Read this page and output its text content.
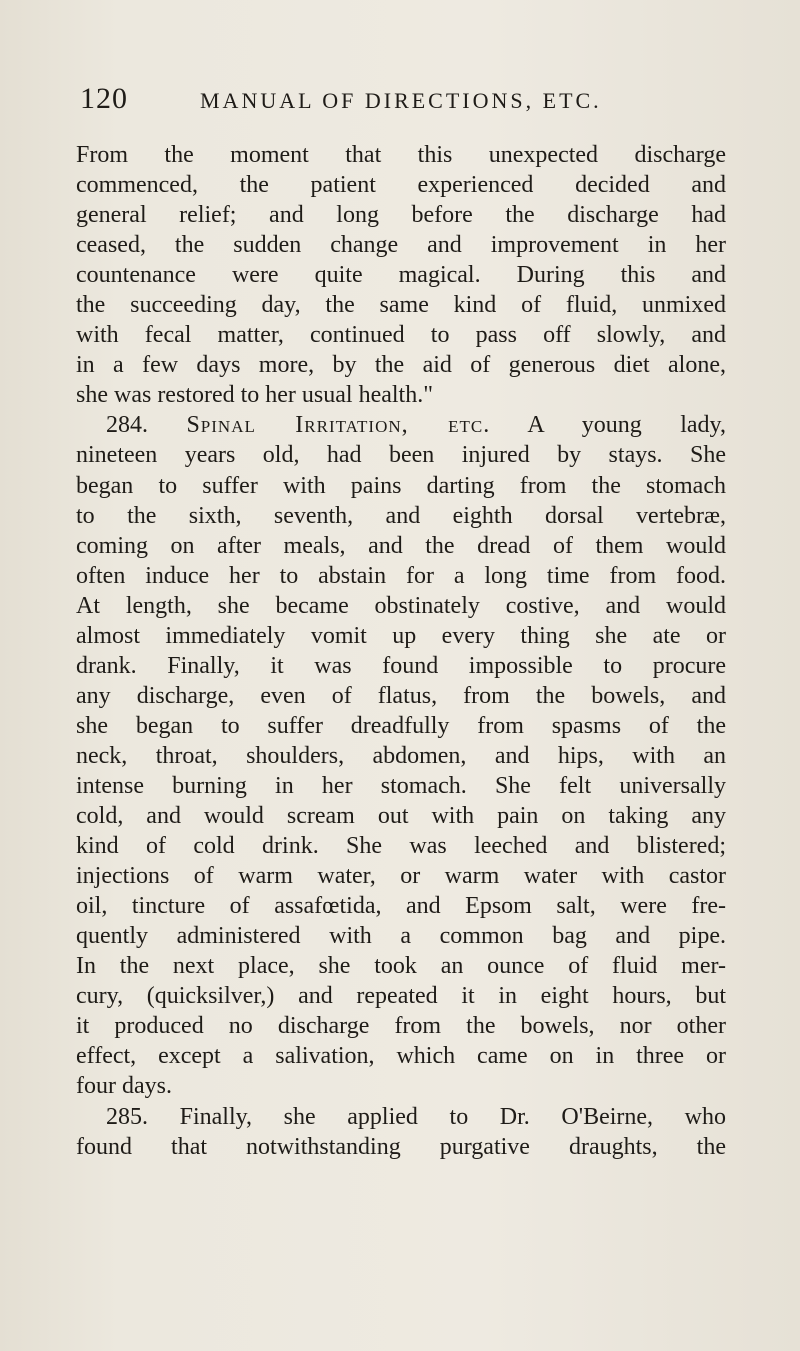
120	MANUAL OF DIRECTIONS, ETC.
From the moment that this unexpected discharge
commenced, the patient experienced decided and
general relief; and long before the discharge had
ceased, the sudden change and improvement in her
countenance were quite magical. During this and
the succeeding day, the same kind of fluid, unmixed
with fecal matter, continued to pass off slowly, and
in a few days more, by the aid of generous diet alone,
she was restored to her usual health."
284. Spinal Irritation, etc. A young lady,
nineteen years old, had been injured by stays. She
began to suffer with pains darting from the stomach
to the sixth, seventh, and eighth dorsal vertebræ,
coming on after meals, and the dread of them would
often induce her to abstain for a long time from food.
At length, she became obstinately costive, and would
almost immediately vomit up every thing she ate or
drank. Finally, it was found impossible to procure
any discharge, even of flatus, from the bowels, and
she began to suffer dreadfully from spasms of the
neck, throat, shoulders, abdomen, and hips, with an
intense burning in her stomach. She felt universally
cold, and would scream out with pain on taking any
kind of cold drink. She was leeched and blistered;
injections of warm water, or warm water with castor
oil, tincture of assafœtida, and Epsom salt, were fre-
quently administered with a common bag and pipe.
In the next place, she took an ounce of fluid mer-
cury, (quicksilver,) and repeated it in eight hours, but
it produced no discharge from the bowels, nor other
effect, except a salivation, which came on in three or
four days.
285. Finally, she applied to Dr. O'Beirne, who
found that notwithstanding purgative draughts, the
